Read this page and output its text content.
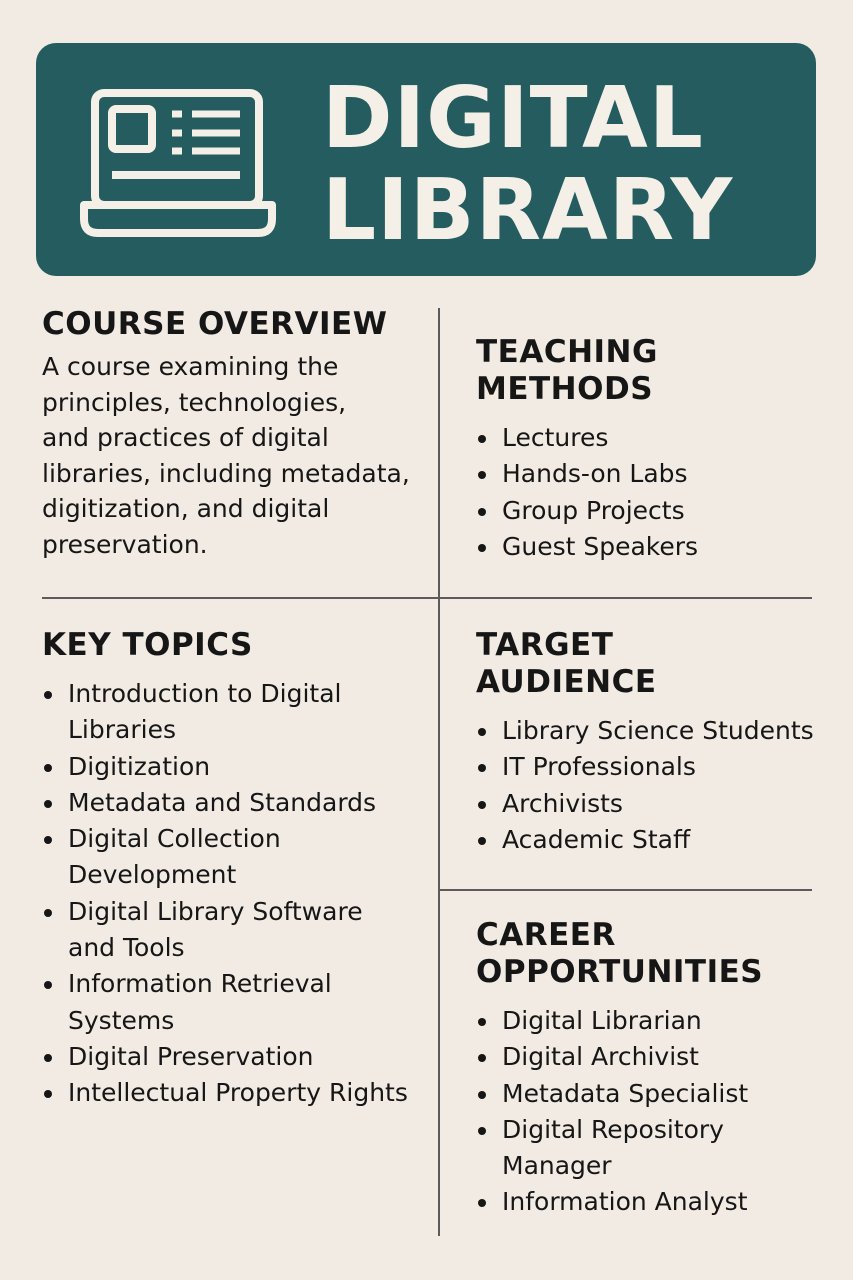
DIGITAL
LIBRARY
COURSE OVERVIEW
A course examining the
principles, technologies,
and practices of digital
libraries, including metadata,
digitization, and digital
preservation.
TEACHING
METHODS
Lectures
Hands-on Labs
Group Projects
Guest Speakers
KEY TOPICS
Introduction to Digital
Libraries
Digitization
Metadata and Standards
Digital Collection
Development
Digital Library Software
and Tools
Information Retrieval
Systems
Digital Preservation
Intellectual Property Rights
TARGET
AUDIENCE
Library Science Students
IT Professionals
Archivists
Academic Staff
CAREER
OPPORTUNITIES
Digital Librarian
Digital Archivist
Metadata Specialist
Digital Repository
Manager
Information Analyst
